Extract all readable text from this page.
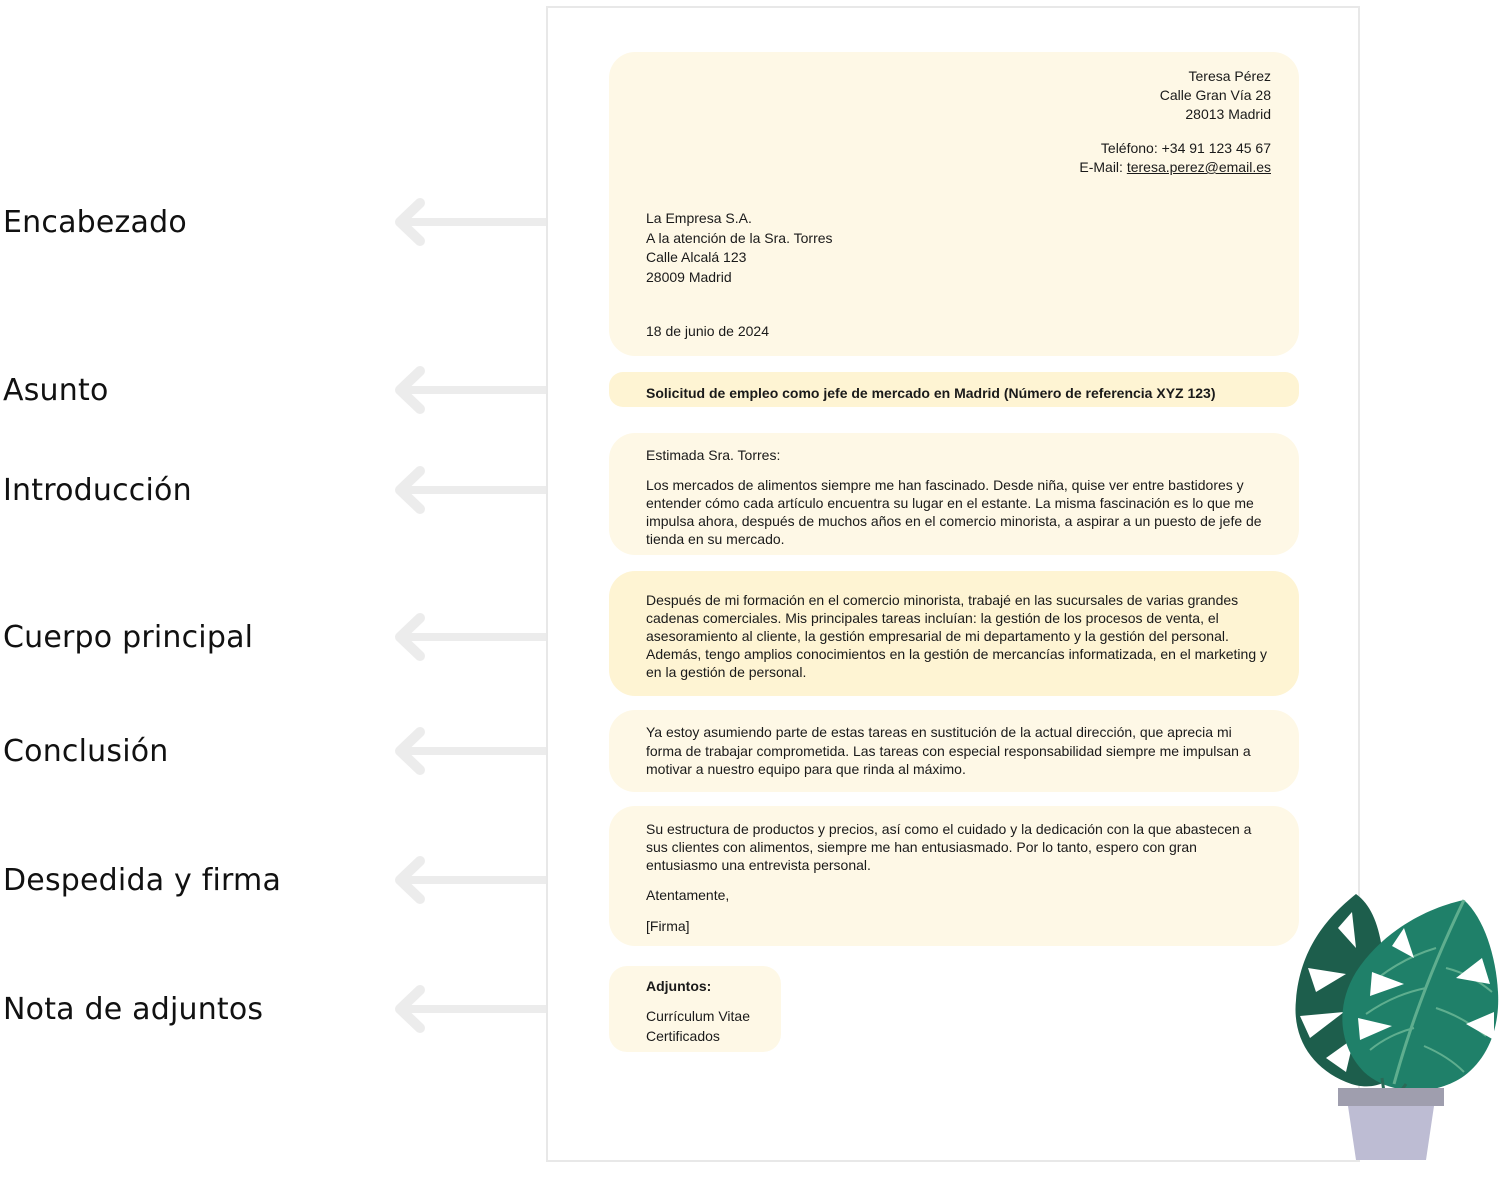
Encabezado
Asunto
Introducción
Cuerpo principal
Conclusión
Despedida y firma
Nota de adjuntos
Teresa Pérez
Calle Gran Vía 28
28013 Madrid
Teléfono: +34 91 123 45 67
E-Mail: teresa.perez@email.es
La Empresa S.A.
A la atención de la Sra. Torres
Calle Alcalá 123
28009 Madrid
18 de junio de 2024
Solicitud de empleo como jefe de mercado en Madrid (Número de referencia XYZ 123)

Estimada Sra. Torres:

Los mercados de alimentos siempre me han fascinado. Desde niña, quise ver entre bastidores y entender cómo cada artículo encuentra su lugar en el estante. La misma fascinación es lo que me impulsa ahora, después de muchos años en el comercio minorista, a aspirar a un puesto de jefe de tienda en su mercado.

Después de mi formación en el comercio minorista, trabajé en las sucursales de varias grandes cadenas comerciales. Mis principales tareas incluían: la gestión de los procesos de venta, el asesoramiento al cliente, la gestión empresarial de mi departamento y la gestión del personal. Además, tengo amplios conocimientos en la gestión de mercancías informatizada, en el marketing y en la gestión de personal.

Ya estoy asumiendo parte de estas tareas en sustitución de la actual dirección, que aprecia mi forma de trabajar comprometida. Las tareas con especial responsabilidad siempre me impulsan a motivar a nuestro equipo para que rinda al máximo.

Su estructura de productos y precios, así como el cuidado y la dedicación con la que abastecen a sus clientes con alimentos, siempre me han entusiasmado. Por lo tanto, espero con gran entusiasmo una entrevista personal.

Atentamente,

[Firma]

Adjuntos:

Currículum Vitae

Certificados
